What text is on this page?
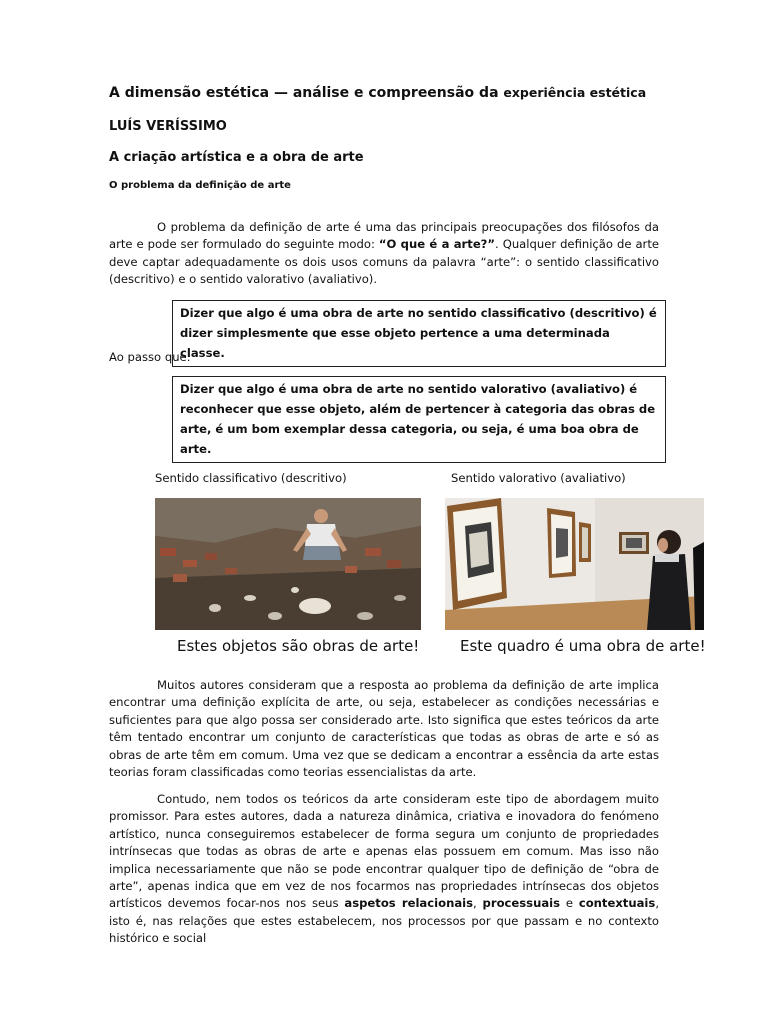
A dimensão estética — análise e compreensão da experiência estética
LUÍS VERÍSSIMO
A criação artística e a obra de arte
O problema da definição de arte
O problema da definição de arte é uma das principais preocupações dos filósofos da arte e pode ser formulado do seguinte modo: “O que é a arte?”. Qualquer definição de arte deve captar adequadamente os dois usos comuns da palavra “arte”: o sentido classificativo (descritivo) e o sentido valorativo (avaliativo).
Dizer que algo é uma obra de arte no sentido classificativo (descritivo) é dizer simplesmente que esse objeto pertence a uma determinada classe.
Ao passo que:
Dizer que algo é uma obra de arte no sentido valorativo (avaliativo) é reconhecer que esse objeto, além de pertencer à categoria das obras de arte, é um bom exemplar dessa categoria, ou seja, é uma boa obra de arte.
Sentido classificativo (descritivo)	Sentido valorativo (avaliativo)
Estes objetos são obras de arte!	Este quadro é uma obra de arte!
Muitos autores consideram que a resposta ao problema da definição de arte implica encontrar uma definição explícita de arte, ou seja, estabelecer as condições necessárias e suficientes para que algo possa ser considerado arte. Isto significa que estes teóricos da arte têm tentado encontrar um conjunto de características que todas as obras de arte e só as obras de arte têm em comum. Uma vez que se dedicam a encontrar a essência da arte estas teorias foram classificadas como teorias essencialistas da arte.
Contudo, nem todos os teóricos da arte consideram este tipo de abordagem muito promissor. Para estes autores, dada a natureza dinâmica, criativa e inovadora do fenómeno artístico, nunca conseguiremos estabelecer de forma segura um conjunto de propriedades intrínsecas que todas as obras de arte e apenas elas possuem em comum. Mas isso não implica necessariamente que não se pode encontrar qualquer tipo de definição de “obra de arte”, apenas indica que em vez de nos focarmos nas propriedades intrínsecas dos objetos artísticos devemos focar-nos nos seus aspetos relacionais, processuais e contextuais, isto é, nas relações que estes estabelecem, nos processos por que passam e no contexto histórico e social
